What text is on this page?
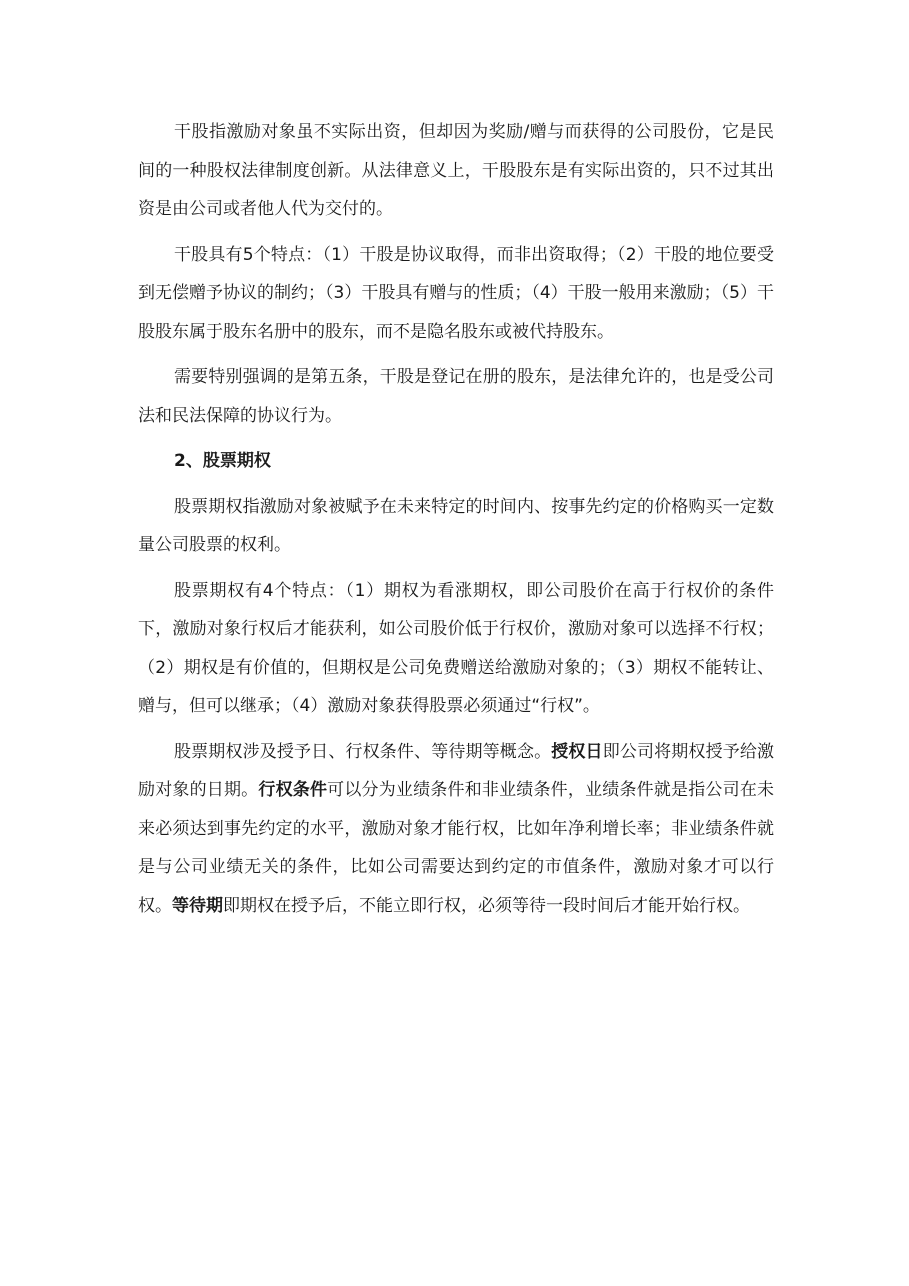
干股指激励对象虽不实际出资，但却因为奖励/赠与而获得的公司股份，它是民间的一种股权法律制度创新。从法律意义上，干股股东是有实际出资的，只不过其出资是由公司或者他人代为交付的。

干股具有5个特点：（1）干股是协议取得，而非出资取得；（2）干股的地位要受到无偿赠予协议的制约；（3）干股具有赠与的性质；（4）干股一般用来激励；（5）干股股东属于股东名册中的股东，而不是隐名股东或被代持股东。

需要特别强调的是第五条，干股是登记在册的股东，是法律允许的，也是受公司法和民法保障的协议行为。

2、股票期权

股票期权指激励对象被赋予在未来特定的时间内、按事先约定的价格购买一定数量公司股票的权利。

股票期权有4个特点：（1）期权为看涨期权，即公司股价在高于行权价的条件下，激励对象行权后才能获利，如公司股价低于行权价，激励对象可以选择不行权；（2）期权是有价值的，但期权是公司免费赠送给激励对象的；（3）期权不能转让、赠与，但可以继承；（4）激励对象获得股票必须通过“行权”。

股票期权涉及授予日、行权条件、等待期等概念。授权日即公司将期权授予给激励对象的日期。行权条件可以分为业绩条件和非业绩条件，业绩条件就是指公司在未来必须达到事先约定的水平，激励对象才能行权，比如年净利增长率；非业绩条件就是与公司业绩无关的条件，比如公司需要达到约定的市值条件，激励对象才可以行权。等待期即期权在授予后，不能立即行权，必须等待一段时间后才能开始行权。
